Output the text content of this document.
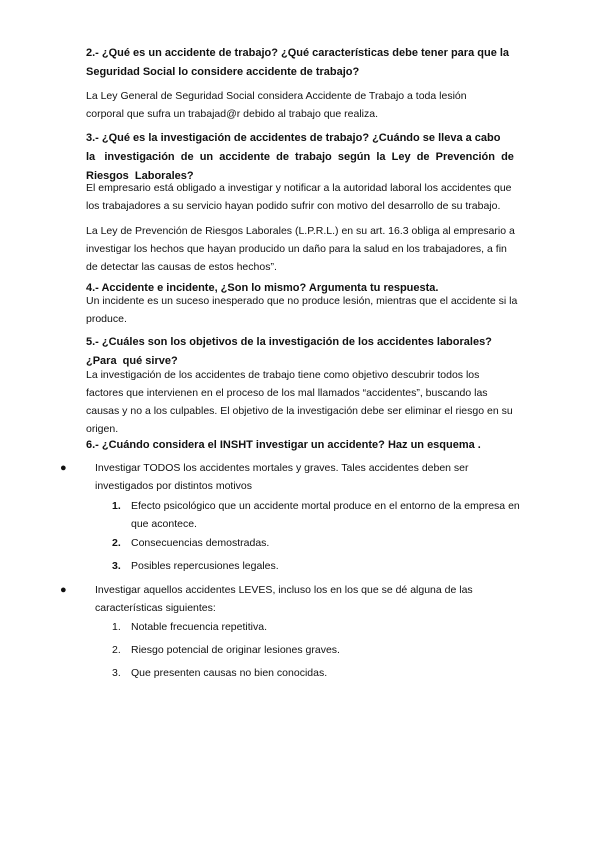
2.- ¿Qué es un accidente de trabajo? ¿Qué características debe tener para que la
Seguridad Social lo considere accidente de trabajo?
La Ley General de Seguridad Social considera Accidente de Trabajo a toda lesión
corporal que sufra un trabajad@r debido al trabajo que realiza.
3.- ¿Qué es la investigación de accidentes de trabajo? ¿Cuándo se lleva a cabo
la   investigación  de  un  accidente  de  trabajo  según  la  Ley  de  Prevención  de
Riesgos  Laborales?
El empresario está obligado a investigar y notificar a la autoridad laboral los accidentes que
los trabajadores a su servicio hayan podido sufrir con motivo del desarrollo de su trabajo.
La Ley de Prevención de Riesgos Laborales (L.P.R.L.) en su art. 16.3 obliga al empresario a
investigar los hechos que hayan producido un daño para la salud en los trabajadores, a fin
de detectar las causas de estos hechos”.
4.- Accidente e incidente, ¿Son lo mismo? Argumenta tu respuesta.
Un incidente es un suceso inesperado que no produce lesión, mientras que el accidente si la
produce.
5.- ¿Cuáles son los objetivos de la investigación de los accidentes laborales?
¿Para  qué sirve?
La investigación de los accidentes de trabajo tiene como objetivo descubrir todos los
factores que intervienen en el proceso de los mal llamados “accidentes”, buscando las
causas y no a los culpables. El objetivo de la investigación debe ser eliminar el riesgo en su
origen.
6.- ¿Cuándo considera el INSHT investigar un accidente? Haz un esquema .
●	Investigar TODOS los accidentes mortales y graves. Tales accidentes deben ser
investigados por distintos motivos
1. Efecto psicológico que un accidente mortal produce en el entorno de la empresa en
que acontece.
2. Consecuencias demostradas.
3. Posibles repercusiones legales.
●	Investigar aquellos accidentes LEVES, incluso los en los que se dé alguna de las
características siguientes:
1. Notable frecuencia repetitiva.
2. Riesgo potencial de originar lesiones graves.
3. Que presenten causas no bien conocidas.
